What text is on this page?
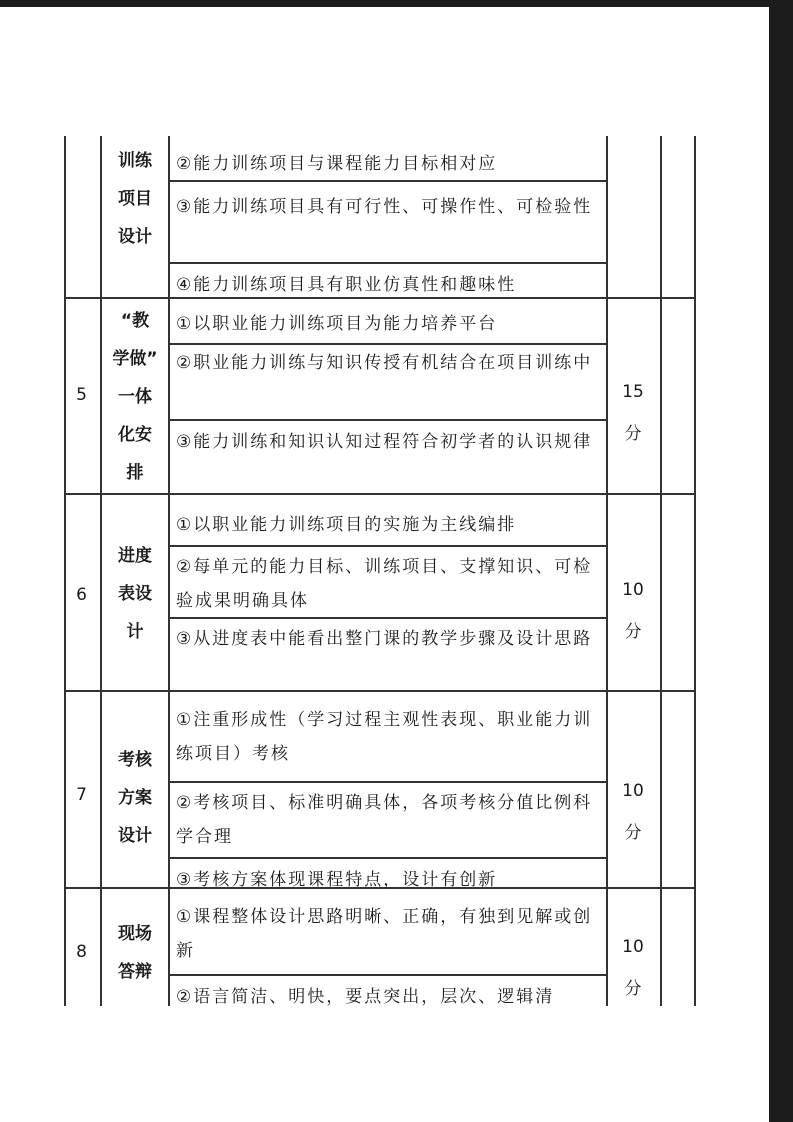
训练
项目
设计
②能力训练项目与课程能力目标相对应
③能力训练项目具有可行性、可操作性、可检验性
④能力训练项目具有职业仿真性和趣味性
5
“教
学做”
一体
化安
排
①以职业能力训练项目为能力培养平台
②职业能力训练与知识传授有机结合在项目训练中
③能力训练和知识认知过程符合初学者的认识规律
15
分
6
进度
表设
计
①以职业能力训练项目的实施为主线编排
②每单元的能力目标、训练项目、支撑知识、可检验成果明确具体
③从进度表中能看出整门课的教学步骤及设计思路
10
分
7
考核
方案
设计
①注重形成性（学习过程主观性表现、职业能力训练项目）考核
②考核项目、标准明确具体，各项考核分值比例科学合理
③考核方案体现课程特点，设计有创新
10
分
8
现场
答辩
①课程整体设计思路明晰、正确，有独到见解或创新
②语言简洁、明快，要点突出，层次、逻辑清
10
分
